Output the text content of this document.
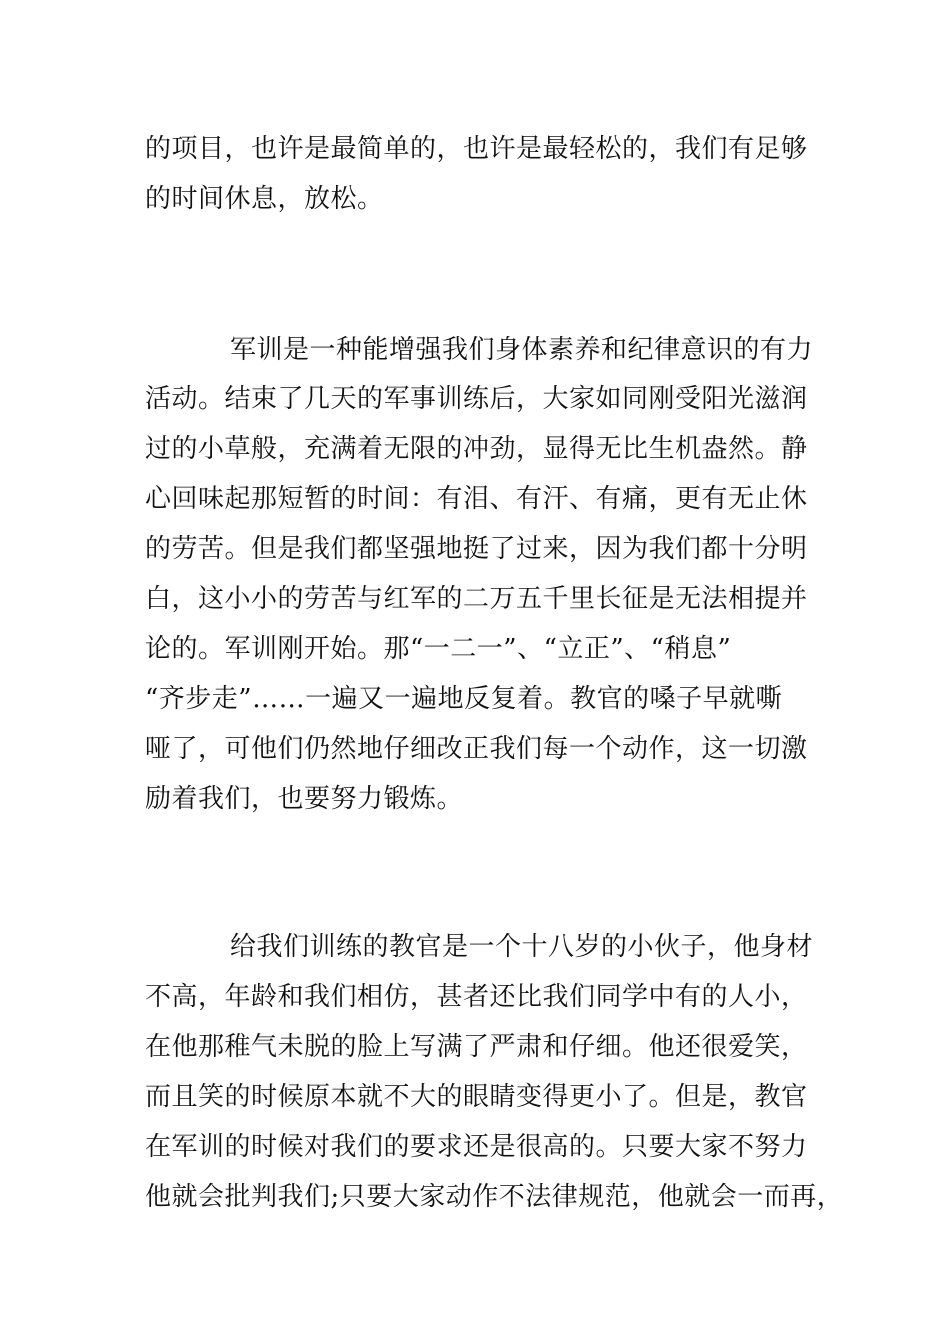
的项目，也许是最简单的，也许是最轻松的，我们有足够
的时间休息，放松。
军训是一种能增强我们身体素养和纪律意识的有力
活动。结束了几天的军事训练后，大家如同刚受阳光滋润
过的小草般，充满着无限的冲劲，显得无比生机盎然。静
心回味起那短暂的时间：有泪、有汗、有痛，更有无止休
的劳苦。但是我们都坚强地挺了过来，因为我们都十分明
白，这小小的劳苦与红军的二万五千里长征是无法相提并
论的。军训刚开始。那“一二一”、“立正”、“稍息”
“齐步走”……一遍又一遍地反复着。教官的嗓子早就嘶
哑了，可他们仍然地仔细改正我们每一个动作，这一切激
励着我们，也要努力锻炼。
给我们训练的教官是一个十八岁的小伙子，他身材
不高，年龄和我们相仿，甚者还比我们同学中有的人小，
在他那稚气未脱的脸上写满了严肃和仔细。他还很爱笑，
而且笑的时候原本就不大的眼睛变得更小了。但是，教官
在军训的时候对我们的要求还是很高的。只要大家不努力
他就会批判我们;只要大家动作不法律规范，他就会一而再，
